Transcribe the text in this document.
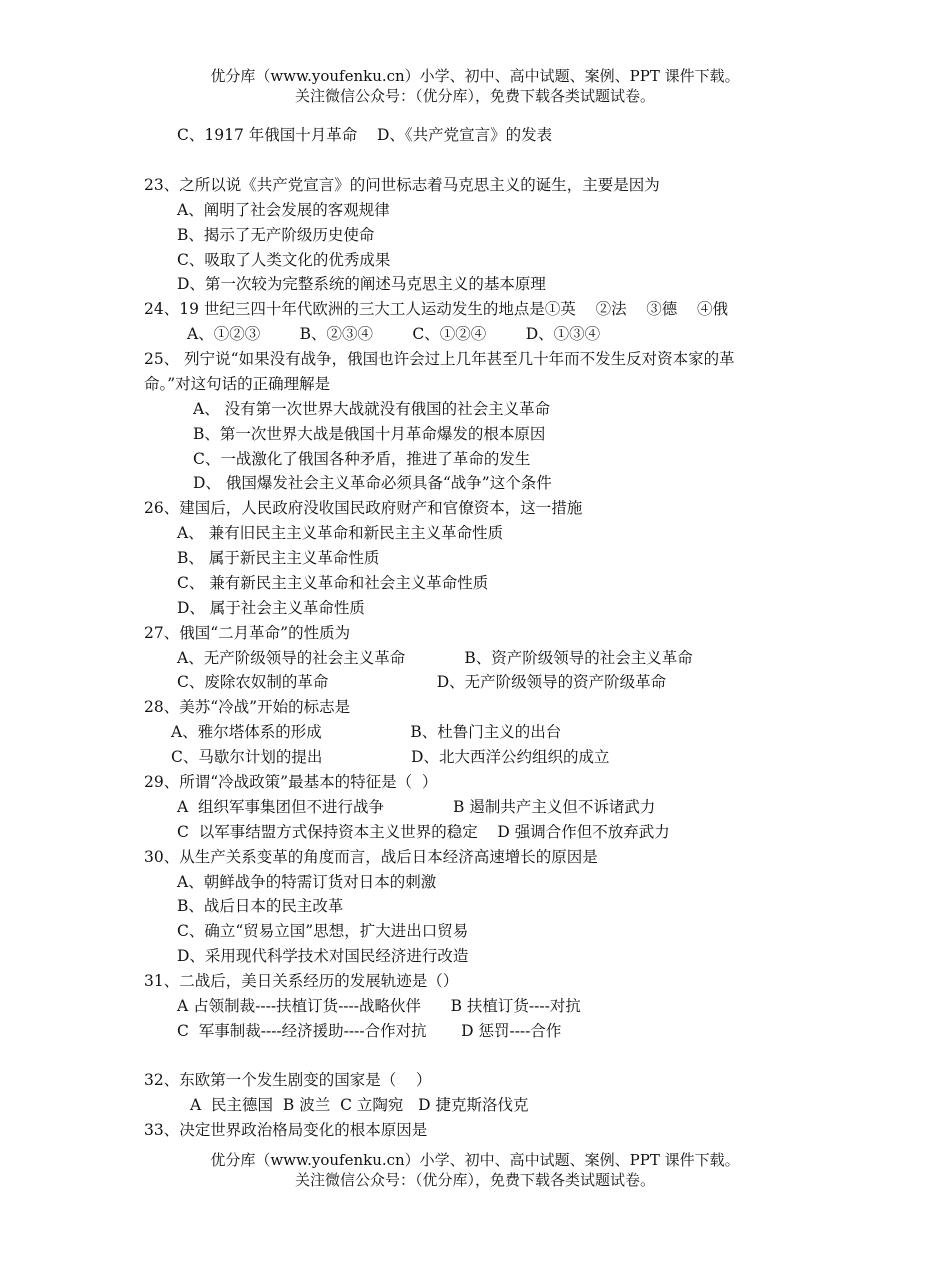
优分库（www.youfenku.cn）小学、初中、高中试题、案例、PPT 课件下载。
关注微信公众号：（优分库），免费下载各类试题试卷。
C、1917 年俄国十月革命    D、《共产党宣言》的发表
23、之所以说《共产党宣言》的问世标志着马克思主义的诞生，主要是因为
A、阐明了社会发展的客观规律
B、揭示了无产阶级历史使命
C、吸取了人类文化的优秀成果
D、第一次较为完整系统的阐述马克思主义的基本原理
24、19 世纪三四十年代欧洲的三大工人运动发生的地点是①英    ②法    ③德    ④俄
A、①②③        B、②③④        C、①②④        D、①③④
25、 列宁说“如果没有战争，俄国也许会过上几年甚至几十年而不发生反对资本家的革
命。”对这句话的正确理解是
A、 没有第一次世界大战就没有俄国的社会主义革命
B、第一次世界大战是俄国十月革命爆发的根本原因
C、一战激化了俄国各种矛盾，推进了革命的发生
D、 俄国爆发社会主义革命必须具备“战争”这个条件
26、建国后，人民政府没收国民政府财产和官僚资本，这一措施
A、 兼有旧民主主义革命和新民主主义革命性质
B、 属于新民主主义革命性质
C、 兼有新民主主义革命和社会主义革命性质
D、 属于社会主义革命性质
27、俄国“二月革命”的性质为
A、无产阶级领导的社会主义革命            B、资产阶级领导的社会主义革命
C、废除农奴制的革命                      D、无产阶级领导的资产阶级革命
28、美苏“冷战”开始的标志是
A、雅尔塔体系的形成                  B、杜鲁门主义的出台
C、马歇尔计划的提出                  D、北大西洋公约组织的成立
29、所谓“冷战政策”最基本的特征是（  ）
A  组织军事集团但不进行战争              B 遏制共产主义但不诉诸武力
C  以军事结盟方式保持资本主义世界的稳定    D 强调合作但不放弃武力
30、从生产关系变革的角度而言，战后日本经济高速增长的原因是
A、朝鲜战争的特需订货对日本的刺激
B、战后日本的民主改革
C、确立“贸易立国”思想，扩大进出口贸易
D、采用现代科学技术对国民经济进行改造
31、二战后，美日关系经历的发展轨迹是（）
A 占领制裁----扶植订货----战略伙伴      B 扶植订货----对抗
C  军事制裁----经济援助----合作对抗       D 惩罚----合作
32、东欧第一个发生剧变的国家是（    ）
A  民主德国  B 波兰  C 立陶宛   D 捷克斯洛伐克
33、决定世界政治格局变化的根本原因是
优分库（www.youfenku.cn）小学、初中、高中试题、案例、PPT 课件下载。
关注微信公众号：（优分库），免费下载各类试题试卷。
